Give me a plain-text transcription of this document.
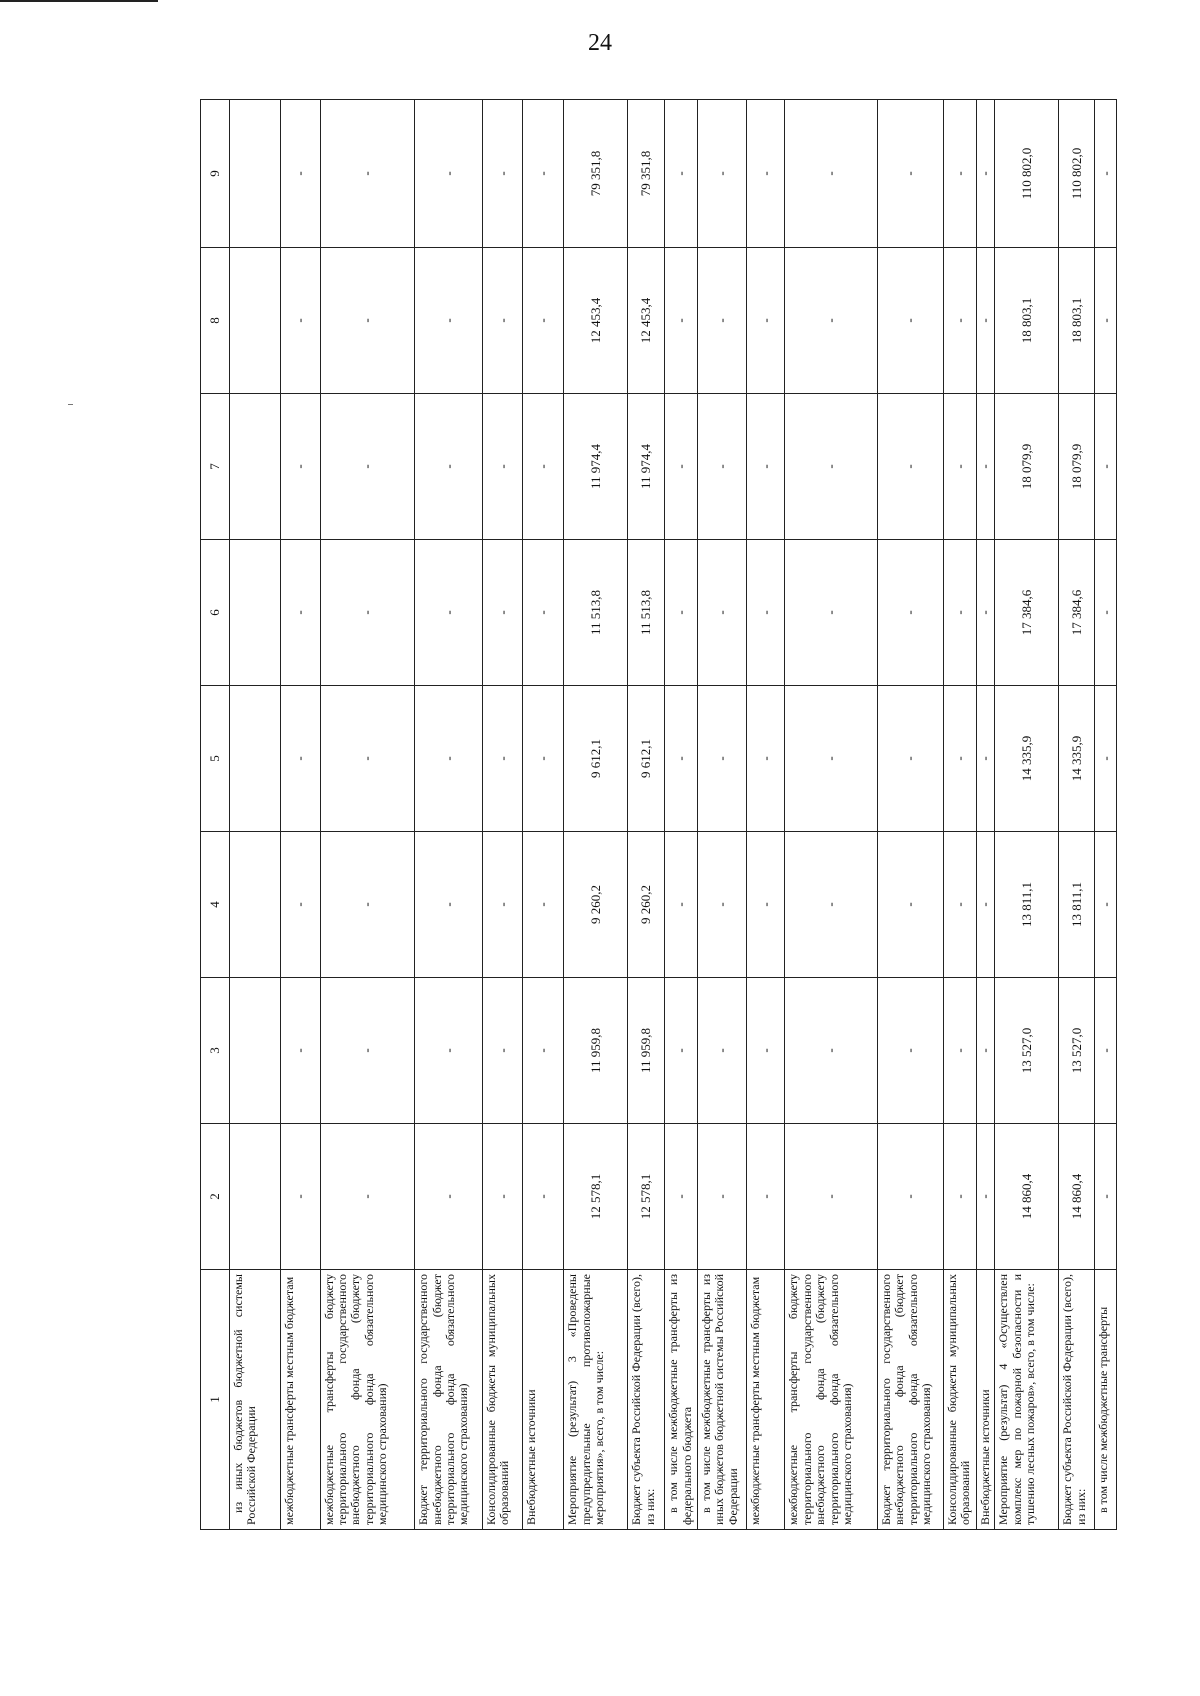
24
1	2	3	4	5	6	7	8	9
из иных бюджетов бюджетной системы Российской Федерации								
межбюджетные трансферты местным бюджетам	-	-	-	-	-	-	-	-
межбюджетные трансферты бюджету территориального государственного внебюджетного фонда (бюджету территориального фонда обязательного медицинского страхования)	-	-	-	-	-	-	-	-
Бюджет территориального государственного внебюджетного фонда (бюджет территориального фонда обязательного медицинского страхования)	-	-	-	-	-	-	-	-
Консолидированные бюджеты муниципальных образований	-	-	-	-	-	-	-	-
Внебюджетные источники	-	-	-	-	-	-	-	-
Мероприятие (результат) 3 «Проведены предупредительные противопожарные мероприятия», всего, в том числе:	12 578,1	11 959,8	9 260,2	9 612,1	11 513,8	11 974,4	12 453,4	79 351,8
Бюджет субъекта Российской Федерации (всего), из них:	12 578,1	11 959,8	9 260,2	9 612,1	11 513,8	11 974,4	12 453,4	79 351,8
в том числе межбюджетные трансферты из федерального бюджета	-	-	-	-	-	-	-	-
в том числе межбюджетные трансферты из иных бюджетов бюджетной системы Российской Федерации	-	-	-	-	-	-	-	-
межбюджетные трансферты местным бюджетам	-	-	-	-	-	-	-	-
межбюджетные трансферты бюджету территориального государственного внебюджетного фонда (бюджету территориального фонда обязательного медицинского страхования)	-	-	-	-	-	-	-	-
Бюджет территориального государственного внебюджетного фонда (бюджет территориального фонда обязательного медицинского страхования)	-	-	-	-	-	-	-	-
Консолидированные бюджеты муниципальных образований	-	-	-	-	-	-	-	-
Внебюджетные источники	-	-	-	-	-	-	-	-
Мероприятие (результат) 4 «Осуществлен комплекс мер по пожарной безопасности и тушению лесных пожаров», всего, в том числе:	14 860,4	13 527,0	13 811,1	14 335,9	17 384,6	18 079,9	18 803,1	110 802,0
Бюджет субъекта Российской Федерации (всего), из них:	14 860,4	13 527,0	13 811,1	14 335,9	17 384,6	18 079,9	18 803,1	110 802,0
в том числе межбюджетные трансферты	-	-	-	-	-	-	-	-
